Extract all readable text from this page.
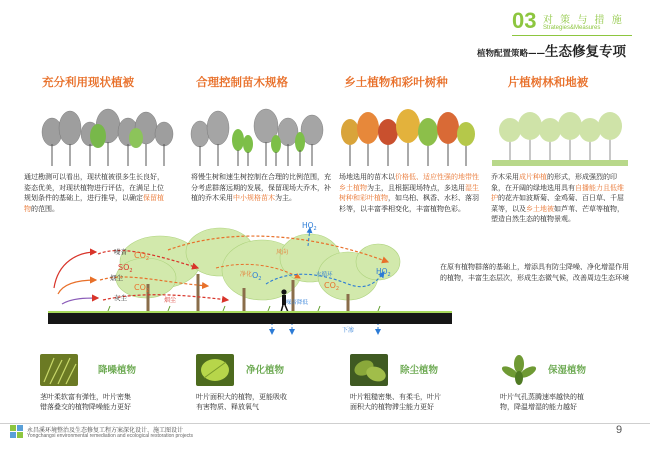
03 对 策 与 措 施
Strategies&Measures
植物配置策略——生态修复专项
充分利用现状植被	合理控制苗木规格	乡土植物和彩叶树种	片植树林和地被
通过勘测可以看出，现状植被很多生长良好，姿态优美，对现状植物进行评估，在满足上位规划条件的基础上，进行推导，以确定保留植物的范围。
将慢生树和速生树控制在合理的比例范围，充分考虑群落远期的发展，保留现场大乔木，补植的乔木采用中小规格苗木为主。
场地选用的苗木以价格低、适应性强的地带性乡土植物为主，且根据现场特点，多选用湿生树种和彩叶植物，如乌桕、枫香、水杉、落羽杉等，以丰富季相变化，丰富植物色彩。
乔木采用成片种植的形式，形成强烈的印象，在开阔的绿地选用具有自播能力且低维护的花卉如波斯菊、金鸡菊、百日草、千屈菜等，以及乡土地被如芦苇、芒草等植物，塑造自然生态的植物景观。
噪音
$SO_2$
烟尘
灰尘
$CO_2$
$CO_2$
$CO_2$
$O_2$
$HO_2$
$HO_2$
风向
烟尘
净化
噪音降低
水循环
下渗
在原有植物群落的基础上，增添具有防尘降噪、净化增湿作用的植物，丰富生态层次，形成生态微气候，改善周边生态环境
降噪植物
茎叶柔软富有弹性，叶片密集
错落叠交的植物降噪能力更好
净化植物
叶片面积大的植物，更能吸收
有害物质、释放氧气
除尘植物
叶片粗糙密集、有柔毛，叶片
面积大的植物滞尘能力更好
保湿植物
叶片气孔蒸腾速率越快的植
物，降温增湿的能力越好
永昌溪环境整治及生态修复工程方案深化设计、施工图设计
Yongchangxi environmental remediation and ecological restoration projects	9
